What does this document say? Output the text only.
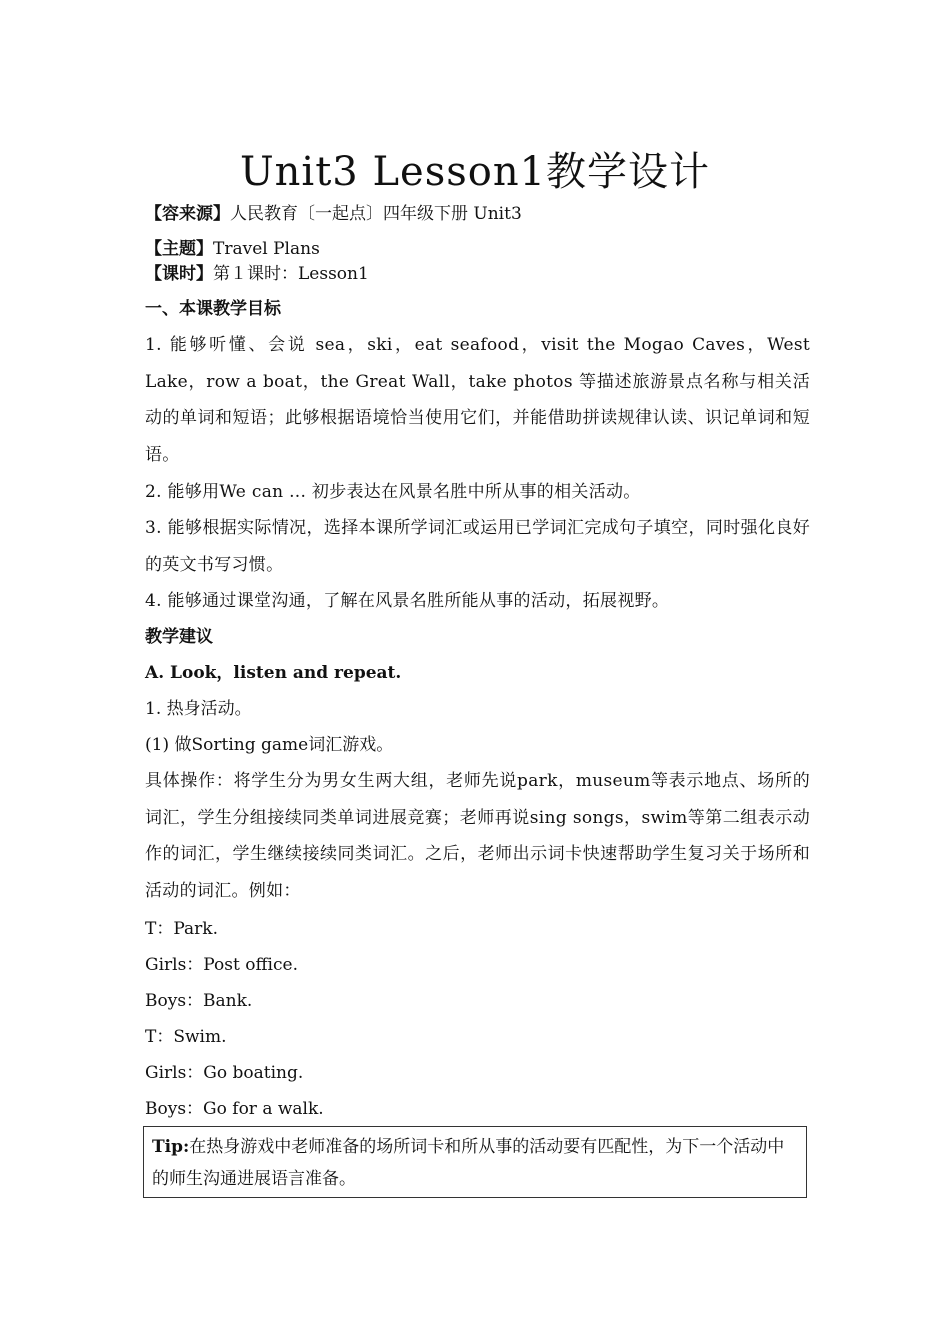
Unit3 Lesson1教学设计
【容来源】人民教育〔一起点〕四年级下册 Unit3
【主题】Travel Plans
【课时】第１课时：Lesson1
一、本课教学目标
1. 能够听懂、会说 sea，ski，eat seafood，visit the Mogao Caves，West Lake，row a boat，the Great Wall，take photos 等描述旅游景点名称与相关活动的单词和短语；此够根据语境恰当使用它们，并能借助拼读规律认读、识记单词和短语。
2. 能够用We can ... 初步表达在风景名胜中所从事的相关活动。
3. 能够根据实际情况，选择本课所学词汇或运用已学词汇完成句子填空，同时强化良好的英文书写习惯。
4. 能够通过课堂沟通，了解在风景名胜所能从事的活动，拓展视野。
教学建议
A. Look，listen and repeat.
1. 热身活动。
(1) 做Sorting game词汇游戏。
具体操作：将学生分为男女生两大组，老师先说park，museum等表示地点、场所的词汇，学生分组接续同类单词进展竞赛；老师再说sing songs，swim等第二组表示动作的词汇，学生继续接续同类词汇。之后，老师出示词卡快速帮助学生复习关于场所和活动的词汇。例如：
T：Park.
Girls：Post office.
Boys：Bank.
T：Swim.
Girls：Go boating.
Boys：Go for a walk.
Tip:在热身游戏中老师准备的场所词卡和所从事的活动要有匹配性，为下一个活动中的师生沟通进展语言准备。
